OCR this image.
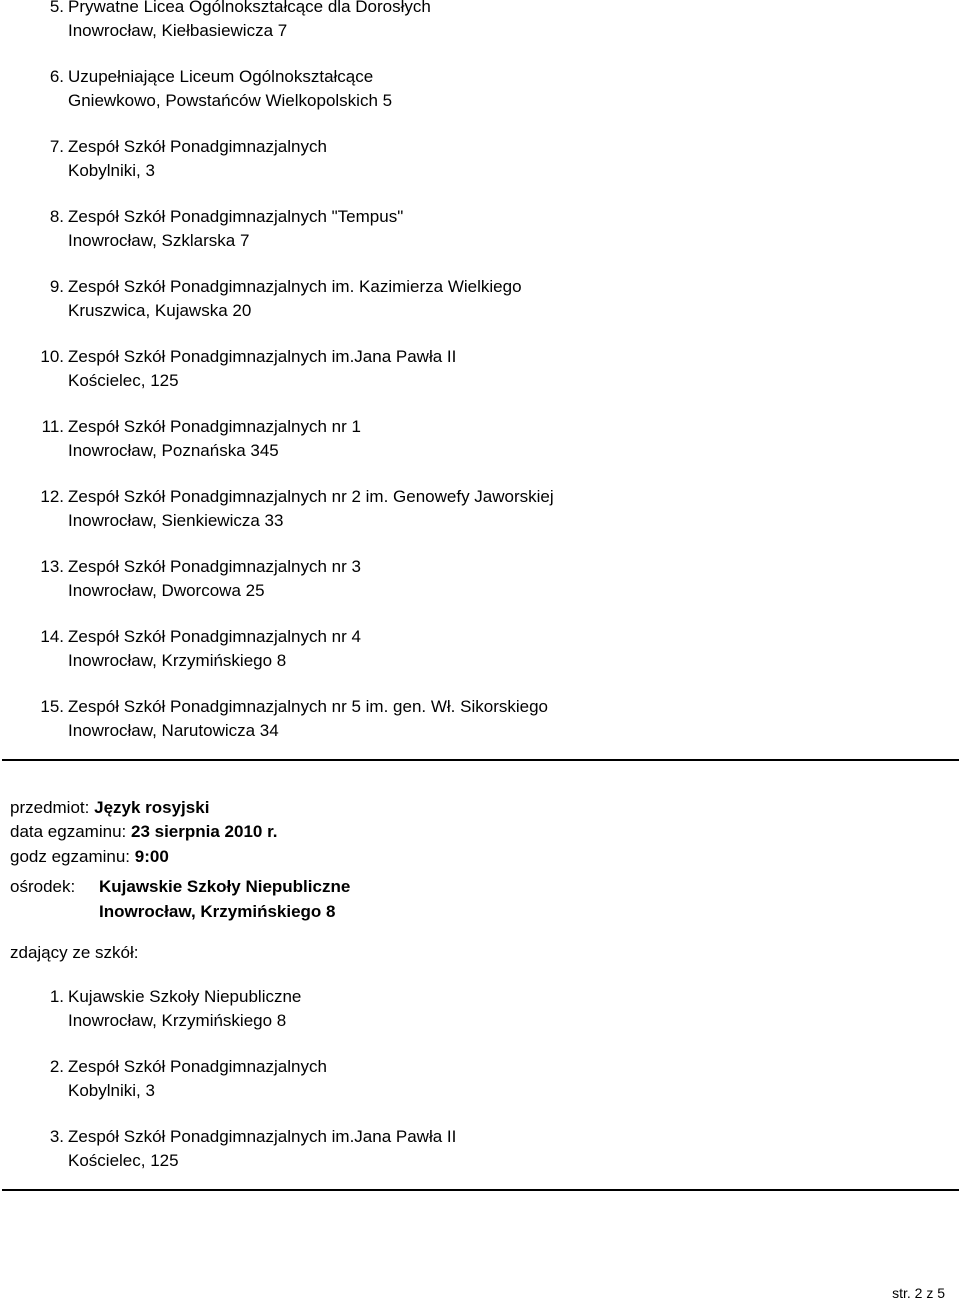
5. Prywatne Licea Ogólnokształcące dla Dorosłych
Inowrocław, Kiełbasiewicza 7
6. Uzupełniające Liceum Ogólnokształcące
Gniewkowo, Powstańców Wielkopolskich 5
7. Zespół Szkół Ponadgimnazjalnych
Kobylniki, 3
8. Zespół Szkół Ponadgimnazjalnych "Tempus"
Inowrocław, Szklarska 7
9. Zespół Szkół Ponadgimnazjalnych im. Kazimierza Wielkiego
Kruszwica, Kujawska 20
10. Zespół Szkół Ponadgimnazjalnych im.Jana Pawła II
Kościelec, 125
11. Zespół Szkół Ponadgimnazjalnych nr 1
Inowrocław, Poznańska 345
12. Zespół Szkół Ponadgimnazjalnych nr 2 im. Genowefy Jaworskiej
Inowrocław, Sienkiewicza 33
13. Zespół Szkół Ponadgimnazjalnych nr 3
Inowrocław, Dworcowa 25
14. Zespół Szkół Ponadgimnazjalnych nr 4
Inowrocław, Krzymińskiego 8
15. Zespół Szkół Ponadgimnazjalnych nr 5 im. gen. Wł. Sikorskiego
Inowrocław, Narutowicza 34
przedmiot: Język rosyjski
data egzaminu: 23 sierpnia 2010 r.
godz egzaminu: 9:00
ośrodek: Kujawskie Szkoły Niepubliczne
Inowrocław, Krzymińskiego 8
zdający ze szkół:
1. Kujawskie Szkoły Niepubliczne
Inowrocław, Krzymińskiego 8
2. Zespół Szkół Ponadgimnazjalnych
Kobylniki, 3
3. Zespół Szkół Ponadgimnazjalnych im.Jana Pawła II
Kościelec, 125
str. 2 z 5
